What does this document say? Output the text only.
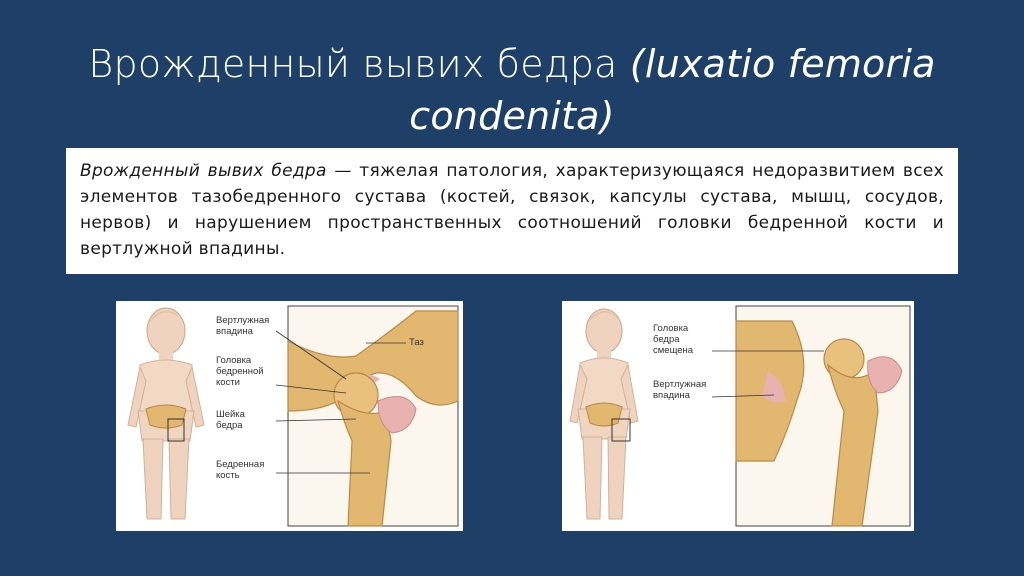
Врожденный вывих бедра (luxatio femoria condenita)

Врожденный вывих бедра — тяжелая патология, характеризующаяся недоразвитием всех элементов тазобедренного сустава (костей, связок, капсулы сустава, мышц, сосудов, нервов) и нарушением пространственных соотношений головки бедренной кости и вертлужной впадины.

Вертлужная впадина
Таз
Головка бедренной кости
Шейка бедра
Бедренная кость
Головка бедра смещена
Вертлужная впадина
